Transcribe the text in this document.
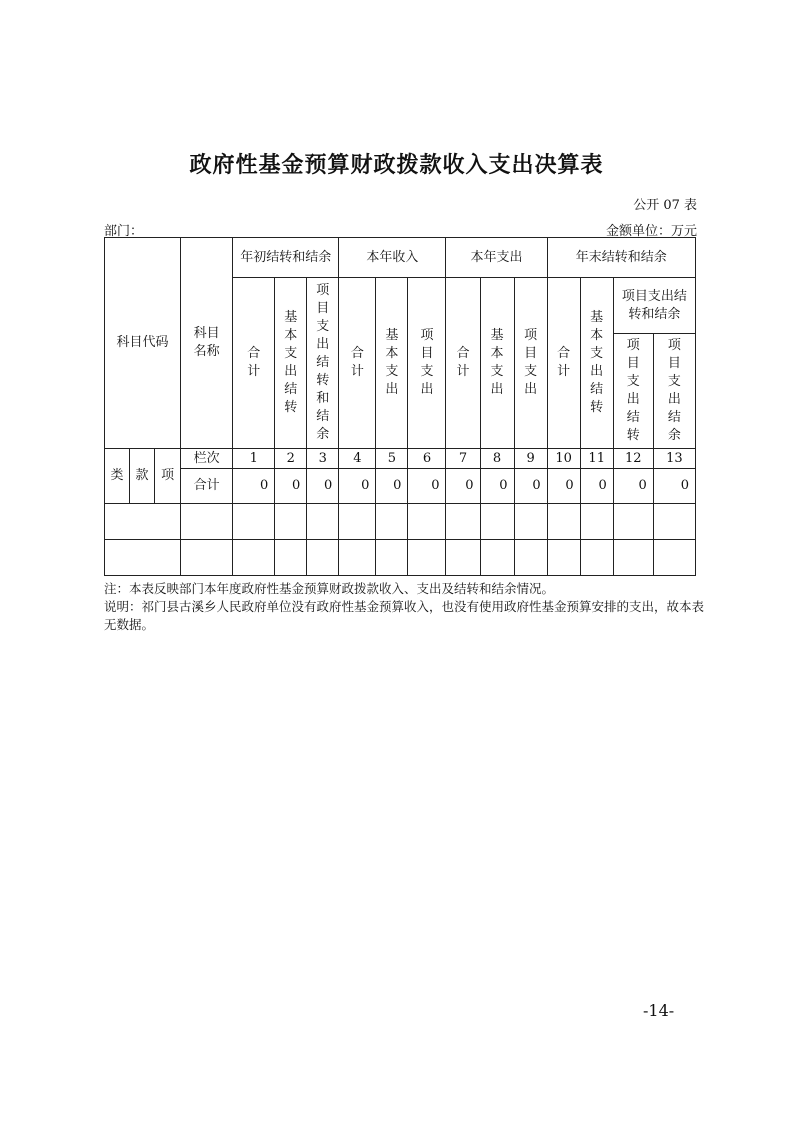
政府性基金预算财政拨款收入支出决算表
公开 07 表
部门：	金额单位：万元
科目代码			科目名称	年初结转和结余			本年收入			本年支出			年末结转和结余			
				合计	基本支出结转	项目支出结转和结余	合计	基本支出	项目支出	合计	基本支出	项目支出	合计	基本支出结转	项目支出结转和结余	
															项目支出结转	项目支出结余
类	款	项	栏次	1	2	3	4	5	6	7	8	9	10	11	12	13
			合计	0	0	0	0	0	0	0	0	0	0	0	0	0

注：本表反映部门本年度政府性基金预算财政拨款收入、支出及结转和结余情况。
说明：祁门县古溪乡人民政府单位没有政府性基金预算收入，也没有使用政府性基金预算安排的支出，故本表无数据。
-14-
